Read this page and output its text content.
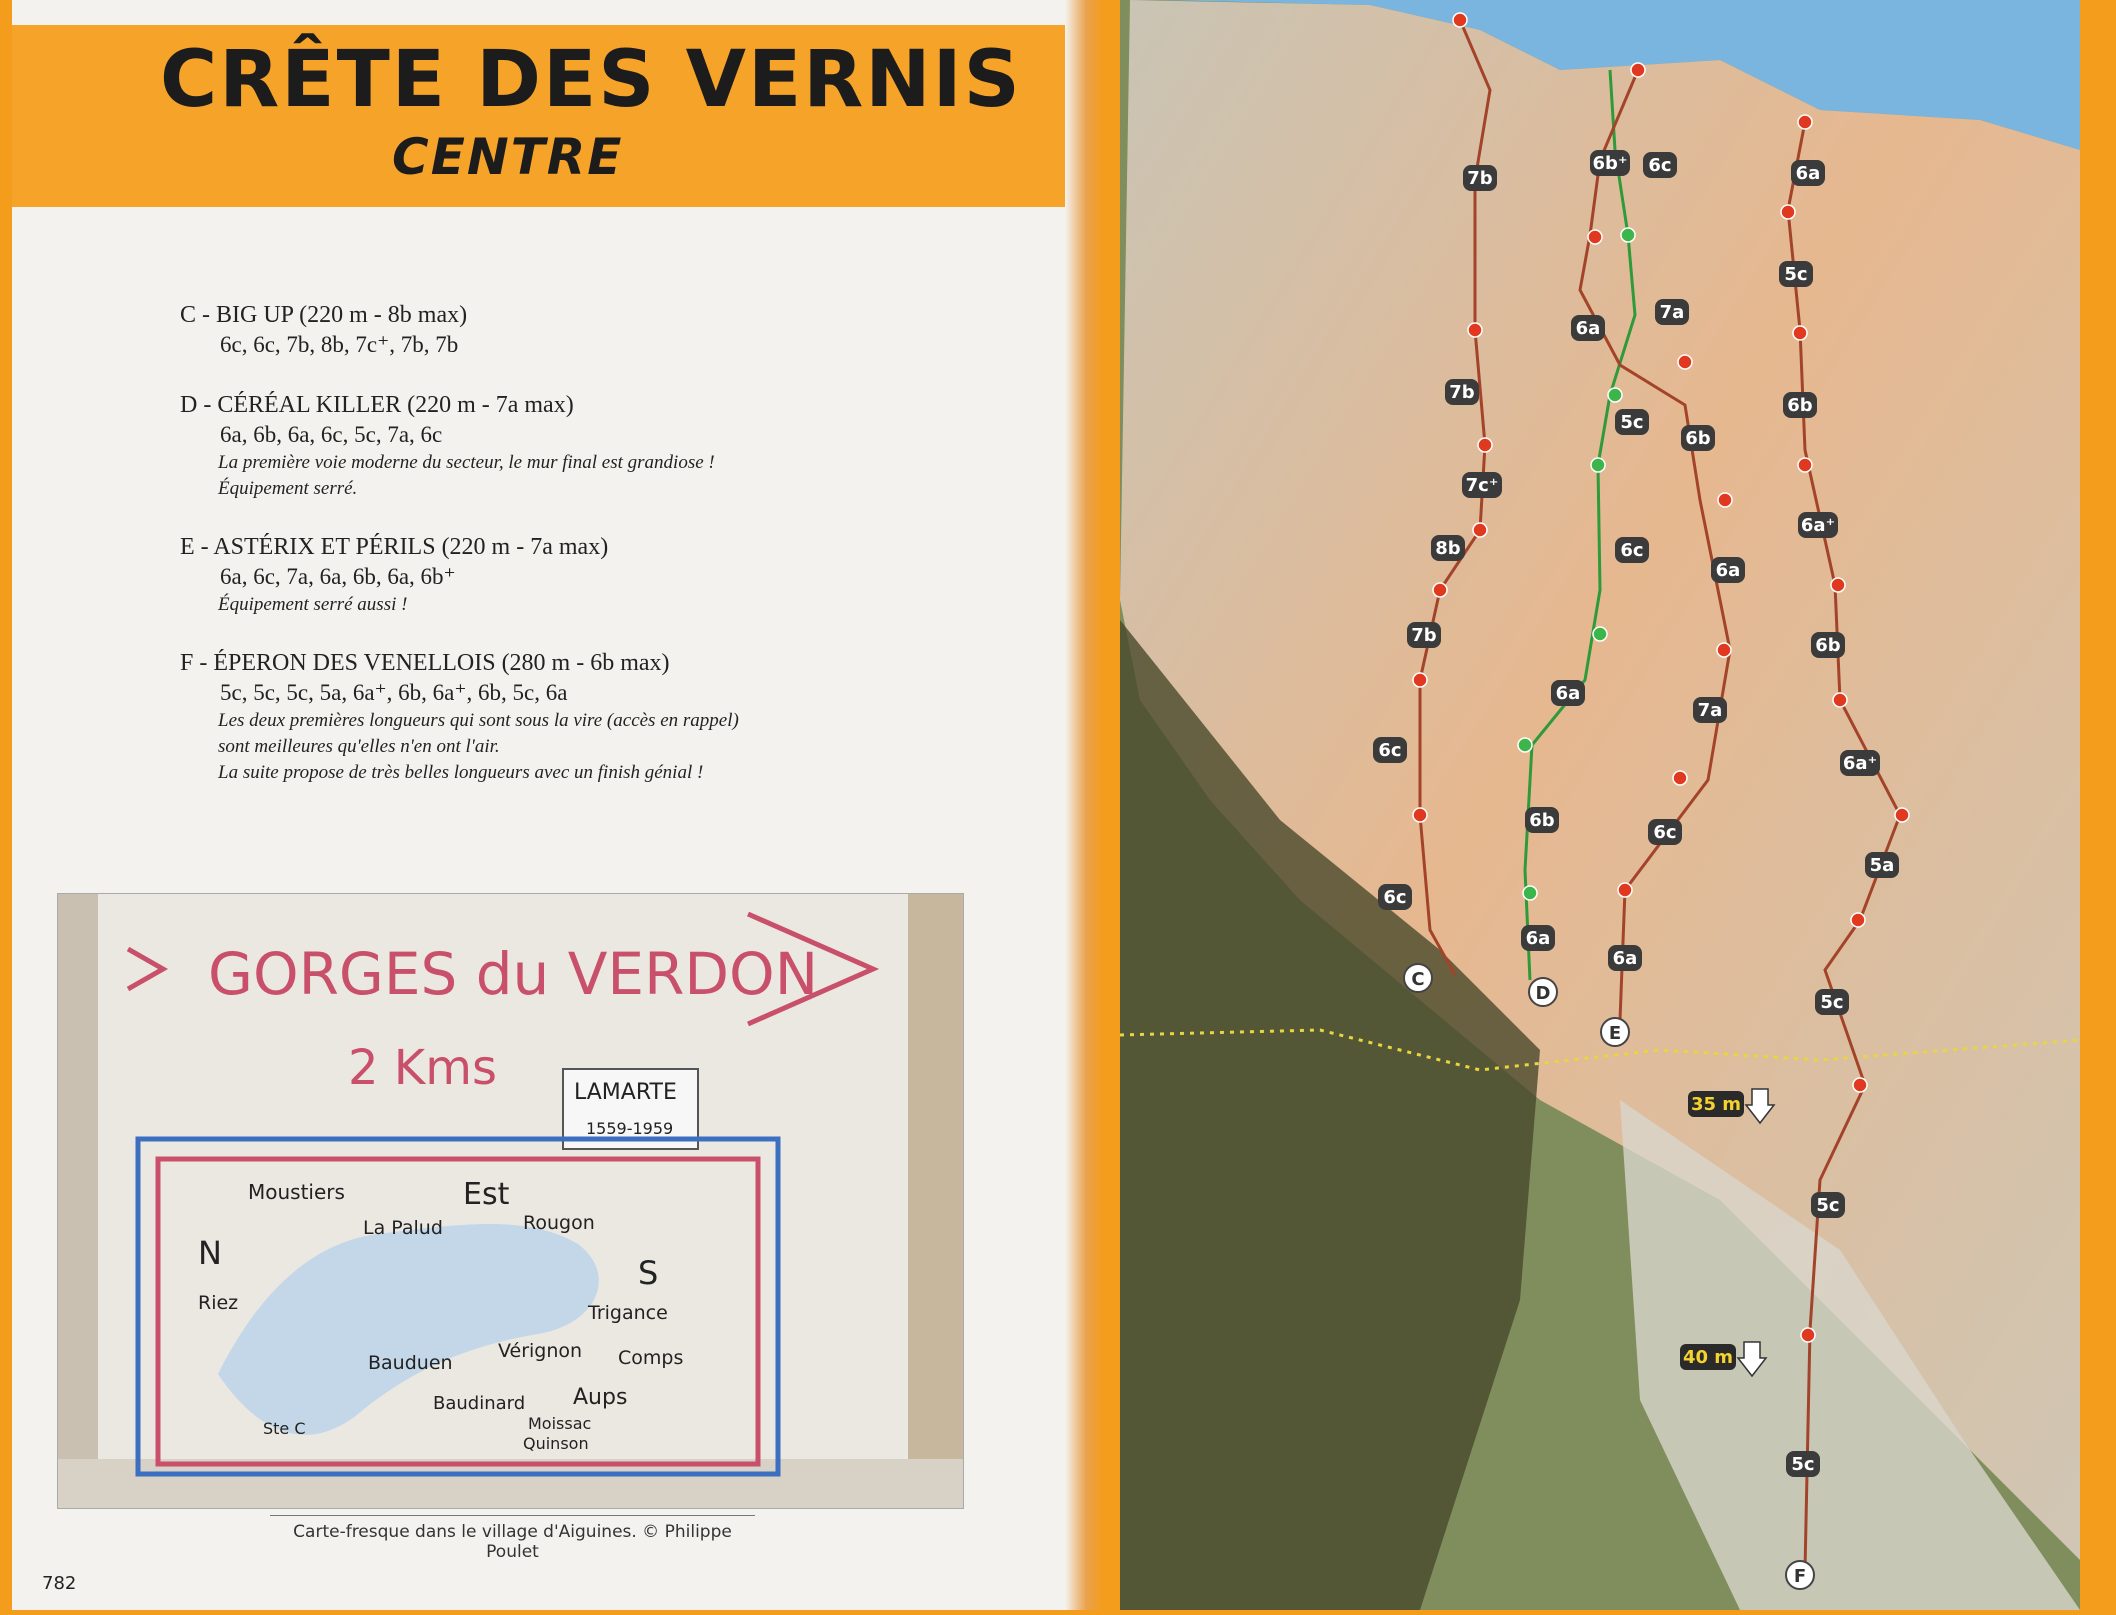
CRÊTE DES VERNIS
CENTRE
C - BIG UP (220 m - 8b max)
6c, 6c, 7b, 8b, 7c⁺, 7b, 7b
D - CÉRÉAL KILLER (220 m - 7a max)
6a, 6b, 6a, 6c, 5c, 7a, 6c
La première voie moderne du secteur, le mur final est grandiose !
Équipement serré.
E - ASTÉRIX ET PÉRILS (220 m - 7a max)
6a, 6c, 7a, 6a, 6b, 6a, 6b⁺
Équipement serré aussi !
F - ÉPERON DES VENELLOIS (280 m - 6b max)
5c, 5c, 5c, 5a, 6a⁺, 6b, 6a⁺, 6b, 5c, 6a
Les deux premières longueurs qui sont sous la vire (accès en rappel)
sont meilleures qu'elles n'en ont l'air.
La suite propose de très belles longueurs avec un finish génial !
GORGES du VERDON
2 Kms	LAMARTE
1559-1959
Moustiers
La Palud
Est
Rougon
N
S
Riez	Trigance
Vérignon Comps
Bauduen
Baudinard Aups
Moissac
Quinson
Ste C
Carte-fresque dans le village d'Aiguines. © Philippe Poulet
782
7b
7b
7c⁺
8b
7b
6c
6c
C
6c
7a
5c
6c
6a
6b
6a
D
6b⁺
6a
6b
6a
7a
6c
6a
E
6a
5c
6b
6a⁺
6b
6a⁺
5a
5c
5c
5c
F
35 m
40 m
